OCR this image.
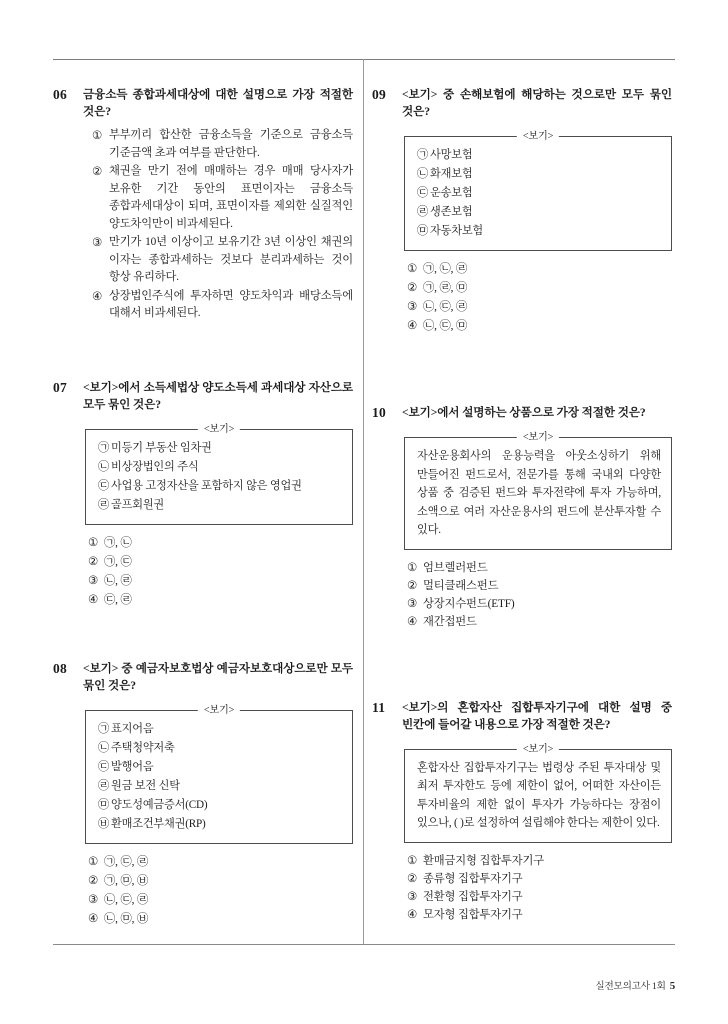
06 금융소득 종합과세대상에 대한 설명으로 가장 적절한 것은?
① 부부끼리 합산한 금융소득을 기준으로 금융소득 기준금액 초과 여부를 판단한다.
② 채권을 만기 전에 매매하는 경우 매매 당사자가 보유한 기간 동안의 표면이자는 금융소득 종합과세대상이 되며, 표면이자를 제외한 실질적인 양도차익만이 비과세된다.
③ 만기가 10년 이상이고 보유기간 3년 이상인 채권의 이자는 종합과세하는 것보다 분리과세하는 것이 항상 유리하다.
④ 상장법인주식에 투자하면 양도차익과 배당소득에 대해서 비과세된다.
07 <보기>에서 소득세법상 양도소득세 과세대상 자산으로 모두 묶인 것은?
<보기>
㉠ 미등기 부동산 임차권
㉡ 비상장법인의 주식
㉢ 사업용 고정자산을 포함하지 않은 영업권
㉣ 골프회원권
① ㉠, ㉡
② ㉠, ㉢
③ ㉡, ㉣
④ ㉢, ㉣
08 <보기> 중 예금자보호법상 예금자보호대상으로만 모두 묶인 것은?
<보기>
㉠ 표지어음
㉡ 주택청약저축
㉢ 발행어음
㉣ 원금 보전 신탁
㉤ 양도성예금증서(CD)
㉥ 환매조건부채권(RP)
① ㉠, ㉢, ㉣
② ㉠, ㉤, ㉥
③ ㉡, ㉢, ㉣
④ ㉡, ㉤, ㉥
09 <보기> 중 손해보험에 해당하는 것으로만 모두 묶인 것은?
<보기>
㉠ 사망보험
㉡ 화재보험
㉢ 운송보험
㉣ 생존보험
㉤ 자동차보험
① ㉠, ㉡, ㉣
② ㉠, ㉣, ㉤
③ ㉡, ㉢, ㉣
④ ㉡, ㉢, ㉤
10 <보기>에서 설명하는 상품으로 가장 적절한 것은?
<보기>
자산운용회사의 운용능력을 아웃소싱하기 위해 만들어진 펀드로서, 전문가를 통해 국내외 다양한 상품 중 검증된 펀드와 투자전략에 투자 가능하며, 소액으로 여러 자산운용사의 펀드에 분산투자할 수 있다.
① 엄브렐러펀드
② 멀티클래스펀드
③ 상장지수펀드(ETF)
④ 재간접펀드
11 <보기>의 혼합자산 집합투자기구에 대한 설명 중 빈칸에 들어갈 내용으로 가장 적절한 것은?
<보기>
혼합자산 집합투자기구는 법령상 주된 투자대상 및 최저 투자한도 등에 제한이 없어, 어떠한 자산이든 투자비율의 제한 없이 투자가 가능하다는 장점이 있으나, ( )로 설정하여 설립해야 한다는 제한이 있다.
① 환매금지형 집합투자기구
② 종류형 집합투자기구
③ 전환형 집합투자기구
④ 모자형 집합투자기구
실전모의고사 1회 5
